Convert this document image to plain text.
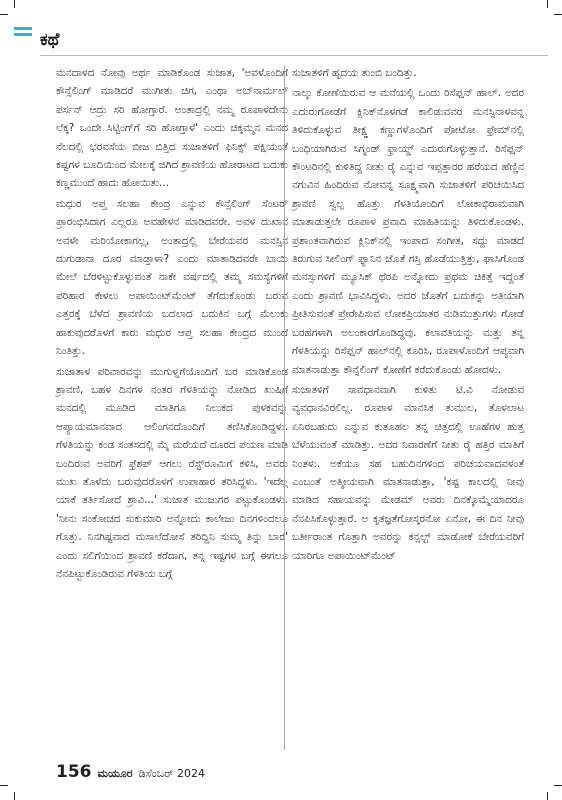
ಕಥೆ

ಮನದಾಳದ ನೋವು ಅರ್ಥ ಮಾಡಿಕೊಂಡ ಸುಜಾತ, 'ಅವಳೊಂದಿಗೆ ಕೌನ್ಸೆಲಿಂಗ್ ಮಾಡಿದರೆ ಮುಗೀತು ಚಿಗ, ಎಂಥಾ ಅಬ್‌ನಾರ್ಮಲ್ ಪರ್ಸನ್ ಆದ್ರು ಸರಿ ಹೋಗ್ತಾರೆ. ಅಂತಾದ್ರಲ್ಲಿ ನಮ್ಮ ರೂಪಾಳದೇನು ಲೆಕ್ಕ? ಒಂದೇ ಸಿಟ್ಟಿಂಗ್‌ಗೆ ಸರಿ ಹೋಗ್ತಾಳೆ' ಎಂದು ಚಿಕ್ಕಮ್ಮನ ಮನದ ನೆಲದಲ್ಲಿ ಭರವಸೆಯ ಬೀಜ ಬಿತ್ತಿದ ಸುಜಾತಳಿಗೆ ಫಿನಿಕ್ಸ್ ಪಕ್ಷಿಯಂತೆ ಕಷ್ಟಗಳ ಬೂದಿಯಿಂದ ಮೇಲಕ್ಕೆ ಜಿಗಿದ ಶ್ರಾವಣಿಯ ಹೋರಾಟದ ಬದುಕು ಕಣ್ಣಮುಂದೆ ಹಾದು ಹೋಯಿತು...

ಮಧುರ ಅಪ್ತ ಸಲಹಾ ಕೇಂದ್ರ ಎನ್ನುವ ಕೌನ್ಸೆಲಿಂಗ್ ಸೆಂಟರ್ ಪ್ರಾರಂಭಿಸಿದಾಗ ಎಲ್ಲರೂ ಅವಹೇಳನ ಮಾಡಿದವರೇ. ಅವಳ ದುಖಾನ ಅವಳೇ ಮರಿಯೋಕಾಗಲ್ಲ, ಅಂತಾದ್ರಲ್ಲಿ ಬೇರೆಯವರ ಮನಸ್ಸಿನ ದುಗುಡಾನಾ ದೂರ ಮಾಡ್ತಾಳಾ? ಎಂದು ಮಾತಾಡಿದವರೇ ಬಾಯಿ ಮೇಲೆ ಬೆರಳಿಟ್ಟುಕೊಳ್ಳುವಂತೆ ನಾಕೇ ವರ್ಷದಲ್ಲಿ ತಮ್ಮ ಸಮಸ್ಯೆಗಳಿಗೆ ಪರಿಹಾರ ಕೇಳಲು ಅಪಾಯಿಂಟ್‌ಮೆಂಟ್ ತೆಗೆದುಕೊಂಡು ಬರುವ ಎತ್ತರಕ್ಕೆ ಬೆಳೆದ ಶ್ರಾವಣಿಯ ಬದಲಾದ ಬದುಕಿನ ಬಗ್ಗೆ ಮೆಲುಕು ಹಾಕುವುದರೊಳಗೆ ಕಾರು ಮಧುರ ಆಪ್ತ ಸಲಹಾ ಕೇಂದ್ರದ ಮುಂದೆ ನಿಂತಿತ್ತು.

ಸುಜಾತಾಳ ಪರಿವಾರವನ್ನು ಮುಗುಳ್ನಗೆಯೊಂದಿಗೆ ಬರ ಮಾಡಿಕೊಂಡ ಶ್ರಾವಣಿ, ಬಹಳ ದಿನಗಳ ನಂತರ ಗೆಳತಿಯನ್ನು ನೋಡಿದ ಖುಷಿಗೆ ಮನದಲ್ಲಿ ಮೂಡಿದ ಮಾತಿಗೂ ನಿಲುಕದ ಪುಳಕವನ್ನು ಆಪ್ಯಾಯಮಾನವಾದ ಆಲಿಂಗನದೊಂದಿಗೆ ತಣಿಸಿಕೊಂಡಿದ್ದಳು. ಗೆಳತಿಯನ್ನು ಕಂಡ ಸಂತಸದಲ್ಲಿ ಮೈ ಮರೆಯದೆ ದೂರದ ಪಯಣ ಮಾಡಿ ಬಂದಿರುವ ಅವರಿಗೆ ಫ್ರೆಶಪ್ ಆಗಲು ರೆಸ್ಟ್‌ರೂಮಿಗೆ ಕಳಿಸಿ, ಅವರು ಮುಖ ತೊಳೆದು ಬರುವುದರೊಳಗೆ ಉಪಾಹಾರ ತರಿಸಿದ್ದಳು. 'ಇದೆಲ್ಲ ಯಾಕೆ ತರ್ತಿಸೋದೆ ಶ್ರಾವಿ...' ಸುಜಾತ ಮುಜುಗರ ಪಟ್ಟುಕೊಂಡಳು. 'ನೀನು ಸಂಕೋಚದ ಸುಕುಮಾರಿ ಅನ್ನೋದು ಕಾಲೇಜು ದಿನಗಳಿಂದಲೂ ಗೊತ್ತು. ನಿನಗಿಷ್ಟವಾದ ಮಸಾಲೆದೋಸೆ ತರಿದ್ದಿನಿ ಸುಮ್ಮ ತಿನ್ನು ಬಾರೆ' ಎಂದು ಸಲಿಗೆಯಿಂದ ಶ್ರಾವಣಿ ಕರೆದಾಗ, ತನ್ನ ಇಷ್ಟಗಳ ಬಗ್ಗೆ ಈಗಲೂ ನೆನಪಿಟ್ಟುಕೊಂಡಿರುವ ಗೆಳತಿಯ ಬಗ್ಗೆ

ಸುಜಾತಳಿಗೆ ಹೃದಯ ತುಂಬಿ ಬಂದಿತ್ತು.

ನಾಲ್ಕು ಕೋಣೆಯಿರುವ ಆ ಮನೆಯಲ್ಲಿ ಒಂದು ರಿಸೆಪ್ಷನ್ ಹಾಲ್. ಅದರ ಎದುರುಗೋಡೆಗೆ ಕ್ಲಿನಿಕ್‌ನೊಳಗಡೆ ಕಾಲಿಡುವವರ ಮನಸ್ಸಿನಾಳವನ್ನ ತಿಳಿದುಕೊಳ್ಳುವ ತೀಕ್ಷ್ಣ ಕಣ್ಣುಗಳೊಂದಿಗೆ ಪೋಟೋ ಫ್ರೇಮ್‌ನಲ್ಲಿ ಬಂಧಿಯಾಗಿರುವ ಸಿಗ್ಮಂಡ್ ಫ್ರಾಯ್ಡ್ ಎದುರುಗೊಳ್ಳುತ್ತಾನೆ. ರಿಸೆಪ್ಷನ್ ಕೌಂಟರಿನಲ್ಲಿ ಕುಳಿತಿದ್ದ ನೀತು ರೈ ಎನ್ನುವ ಇಪ್ಪತ್ತಾರರ ಹರೆಯದ ಹೆಣ್ಣಿನ ನಗುವಿನ ಹಿಂದಿರುವ ನೋವನ್ನ ಸೂಕ್ಷ್ಮವಾಗಿ ಸುಜಾತಳಿಗೆ ಪರಿಚಯಿಸಿದ ಶ್ರಾವಣಿ ಸ್ವಲ್ಪ ಹೊತ್ತು ಗೆಳತಿಯೊಂದಿಗೆ ಲೋಕಾಭಿರಾಮವಾಗಿ ಮಾತಾಡುತ್ತಲೇ ರೂಪಾಳ ಪ್ರವಾದಿ ಮಾಹಿತಿಯನ್ನು ತಿಳಿದುಕೊಂಡಳು. ಪ್ರಶಾಂತವಾಗಿರುವ ಕ್ಲಿನಿಕ್‌ನಲ್ಲಿ ಇಂಪಾದ ಸಂಗೀತ, ಸದ್ದು ಮಾಡದೆ ತಿರುಗುವ ಸೀಲಿಂಗ್ ಫ್ಯಾನಿನ ಜೊತೆ ಗಸ್ತಿ ಹೊಡೆಯುತ್ತಿತ್ತು, ಘಾಸಿಗೊಂಡ ಮನಸ್ಸುಗಳಿಗೆ ಮ್ಯೂಸಿಕ್ ಥೆರಪಿ ಅನ್ನೋದು ಪ್ರಥಮ ಚಿಕಿತ್ಸೆ ಇದ್ದಂತೆ ಎಂದು ಶ್ರಾವಣಿ ಭಾವಿಸಿದ್ದಳು. ಅದರ ಜೊತೆಗೆ ಬದುಕನ್ನು ಅತಿಯಾಗಿ ಪ್ರೀತಿಸುವಂತೆ ಪ್ರೇರೇಪಿಸುವ ಲೋಕಪ್ರಿಯಾತರ ನುಡಿಮುತ್ತುಗಳು ಗೋಡೆ ಬರಹಗಳಾಗಿ ಅಲಂಕಾರಗೊಂಡಿದ್ದವು. ಕಲಾವತಿಯನ್ನು ಮತ್ತು ತನ್ನ ಗೆಳತಿಯನ್ನು ರಿಸೆಪ್ಷನ್ ಹಾಲ್‌ನಲ್ಲಿ ಕೂರಿಸಿ, ರೂಪಾಳೊಂದಿಗೆ ಆಪ್ಯವಾಗಿ ಮಾತನಾಡುತ್ತಾ ಕೌನ್ಸೆಲಿಂಗ್ ಕೋಣೆಗೆ ಕರೆದುಕೊಂಡು ಹೋದಳು.

ಸುಜಾತಳಿಗೆ ಸಾವಧಾನವಾಗಿ ಕುಳಿತು ಟಿ.ವಿ ನೋಡುವ ವ್ಯವಧಾನವಿರಲಿಲ್ಲ. ರೂಪಾಳ ಮಾನಸಿಕ ತುಮುಲ, ತೊಳಲಾಟ ಏನಿರಬಹುದು ಎನ್ನುವ ಕುತೂಹಲ ತನ್ನ ಚಿತ್ತದಲ್ಲಿ ಊಹೆಗಳ ಹುತ್ತ ಬೆಳೆಯುವಂತೆ ಮಾಡಿತ್ತು. ಅದರ ನಿವಾರಣೆಗೆ ನೀತು ರೈ ಹತ್ತಿರ ಮಾತಿಗೆ ನಿಂತಳು. ಅಕೆಯೂ ಸಹ ಬಹುದಿನಗಳಿಂದ ಪರಿಚಯವಾದವಳಂತೆ ಎಂಬಂತೆ ಅತ್ಮೀಯವಾಗಿ ಮಾತನಾಡುತ್ತಾ, 'ಕಷ್ಟ ಕಾಲದಲ್ಲಿ ನೀವು ಮಾಡಿದ ಸಹಾಯವನ್ನು ಮೇಡಮ್ ಅವರು ದಿನಕ್ಕೊಮ್ಮೆಯಾದರೂ ನೆನಪಿಸಿಕೊಳ್ಳುತ್ತಾರೆ. ಅ ಕೃತಜ್ಞತೆಗೋಸ್ಕರನೋ ಏನೋ, ಈ ದಿನ ನೀವು ಬರ್ತೀರಾಂತ ಗೊತ್ತಾಗಿ ಅವರನ್ನು ಕನ್ಸಲ್ಟ್ ಮಾಡೋಕೆ ಬೇರೆಯವರಿಗೆ ಯಾರಿಗೂ ಅಪಾಯಿಂಟ್‌ಮೆಂಟ್

156 ಮಯೂರ ಡಿಸೆಂಬರ್ 2024
